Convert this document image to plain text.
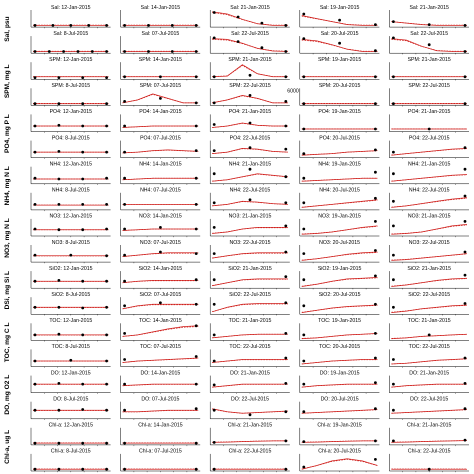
Sal, psu
SPM, mg L
PO4, mg P L
NH4, mg N L
NO3, mg N L
DSi, mg Si L
TOC, mg C L
DO, mg O2 L
Chl-a, ug L
Sal: 12-Jan-2015	Sal: 14-Jan-2015	Sal: 21-Jan-2015	Sal: 19-Jan-2015	Sal: 21-Jan-2015
Sal: 8-Jul-2015	Sal: 07-Jul-2015	Sal: 22-Jul-2015	Sal: 20-Jul-2015	Sal: 22-Jul-2015
SPM: 12-Jan-2015	SPM: 14-Jan-2015	SPM: 21-Jan-2015	SPM: 19-Jan-2015	SPM: 21-Jan-2015
SPM: 8-Jul-2015	SPM: 07-Jul-2015	SPM: 22-Jul-2015	SPM: 20-Jul-2015
6000
SPM: 22-Jul-2015
PO4: 12-Jan-2015	PO4: 14-Jan-2015	PO4: 21-Jan-2015	PO4: 19-Jan-2015	PO4: 21-Jan-2015
PO4: 8-Jul-2015	PO4: 07-Jul-2015	PO4: 22-Jul-2015	PO4: 20-Jul-2015	PO4: 22-Jul-2015
NH4: 12-Jan-2015	NH4: 14-Jan-2015	NH4: 21-Jan-2015	NH4: 19-Jan-2015	NH4: 21-Jan-2015
NH4: 8-Jul-2015	NH4: 07-Jul-2015	NH4: 22-Jul-2015	NH4: 20-Jul-2015	NH4: 22-Jul-2015
NO3: 12-Jan-2015	NO3: 14-Jan-2015	NO3: 21-Jan-2015	NO3: 19-Jan-2015	NO3: 21-Jan-2015
NO3: 8-Jul-2015	NO3: 07-Jul-2015	NO3: 22-Jul-2015	NO3: 20-Jul-2015	NO3: 22-Jul-2015
SiO2: 12-Jan-2015	SiO2: 14-Jan-2015	SiO2: 21-Jan-2015	SiO2: 19-Jan-2015	SiO2: 21-Jan-2015
SiO2: 8-Jul-2015	SiO2: 07-Jul-2015	SiO2: 22-Jul-2015	SiO2: 20-Jul-2015	SiO2: 22-Jul-2015
TOC: 12-Jan-2015	TOC: 14-Jan-2015	TOC: 21-Jan-2015	TOC: 19-Jan-2015	TOC: 21-Jan-2015
TOC: 8-Jul-2015	TOC: 07-Jul-2015	TOC: 22-Jul-2015	TOC: 20-Jul-2015	TOC: 22-Jul-2015
DO: 12-Jan-2015	DO: 14-Jan-2015	DO: 21-Jan-2015	DO: 19-Jan-2015	DO: 21-Jan-2015
DO: 8-Jul-2015	DO: 07-Jul-2015	DO: 22-Jul-2015	DO: 20-Jul-2015	DO: 22-Jul-2015
Chl-a: 12-Jan-2015	Chl-a: 14-Jan-2015	Chl-a: 21-Jan-2015	Chl-a: 19-Jan-2015	Chl-a: 21-Jan-2015
Chl-a: 8-Jul-2015	Chl-a: 07-Jul-2015	Chl-a: 22-Jul-2015	Chl-a: 20-Jul-2015	Chl-a: 22-Jul-2015
